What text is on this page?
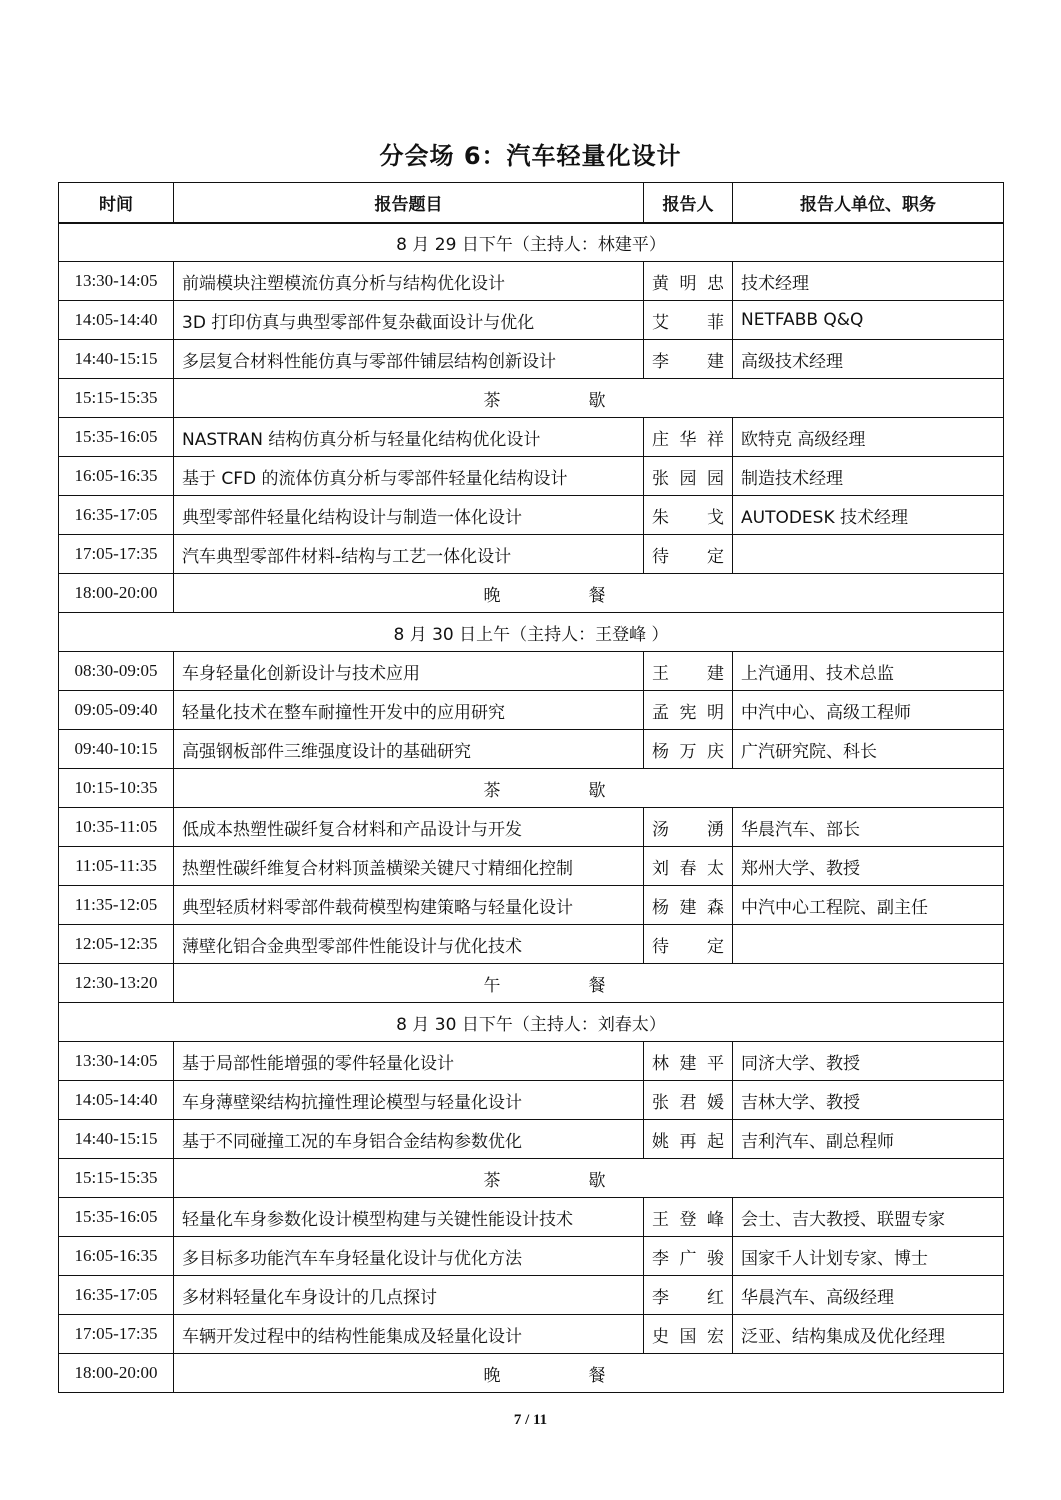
分会场 6：汽车轻量化设计
时间	报告题目	报告人	报告人单位、职务
8 月 29 日下午（主持人：林建平）			
13:30-14:05	前端模块注塑模流仿真分析与结构优化设计	黄明忠	技术经理
14:05-14:40	3D 打印仿真与典型零部件复杂截面设计与优化	艾 菲	NETFABB Q&Q
14:40-15:15	多层复合材料性能仿真与零部件铺层结构创新设计	李 建	高级技术经理
15:15-15:35	茶歇		
15:35-16:05	NASTRAN 结构仿真分析与轻量化结构优化设计	庄华祥	欧特克 高级经理
16:05-16:35	基于 CFD 的流体仿真分析与零部件轻量化结构设计	张园园	制造技术经理
16:35-17:05	典型零部件轻量化结构设计与制造一体化设计	朱 戈	AUTODESK 技术经理
17:05-17:35	汽车典型零部件材料-结构与工艺一体化设计	待 定	
18:00-20:00	晚餐		
8 月 30 日上午（主持人：王登峰 ）			
08:30-09:05	车身轻量化创新设计与技术应用	王 建	上汽通用、技术总监
09:05-09:40	轻量化技术在整车耐撞性开发中的应用研究	孟宪明	中汽中心、高级工程师
09:40-10:15	高强钢板部件三维强度设计的基础研究	杨万庆	广汽研究院、科长
10:15-10:35	茶歇		
10:35-11:05	低成本热塑性碳纤复合材料和产品设计与开发	汤 湧	华晨汽车、部长
11:05-11:35	热塑性碳纤维复合材料顶盖横梁关键尺寸精细化控制	刘春太	郑州大学、教授
11:35-12:05	典型轻质材料零部件载荷模型构建策略与轻量化设计	杨建森	中汽中心工程院、副主任
12:05-12:35	薄壁化铝合金典型零部件性能设计与优化技术	待 定	
12:30-13:20	午餐		
8 月 30 日下午（主持人：刘春太）			
13:30-14:05	基于局部性能增强的零件轻量化设计	林建平	同济大学、教授
14:05-14:40	车身薄壁梁结构抗撞性理论模型与轻量化设计	张君媛	吉林大学、教授
14:40-15:15	基于不同碰撞工况的车身铝合金结构参数优化	姚再起	吉利汽车、副总程师
15:15-15:35	茶歇		
15:35-16:05	轻量化车身参数化设计模型构建与关键性能设计技术	王登峰	会士、吉大教授、联盟专家
16:05-16:35	多目标多功能汽车车身轻量化设计与优化方法	李广骏	国家千人计划专家、博士
16:35-17:05	多材料轻量化车身设计的几点探讨	李 红	华晨汽车、高级经理
17:05-17:35	车辆开发过程中的结构性能集成及轻量化设计	史国宏	泛亚、结构集成及优化经理
18:00-20:00	晚餐		
7 / 11
